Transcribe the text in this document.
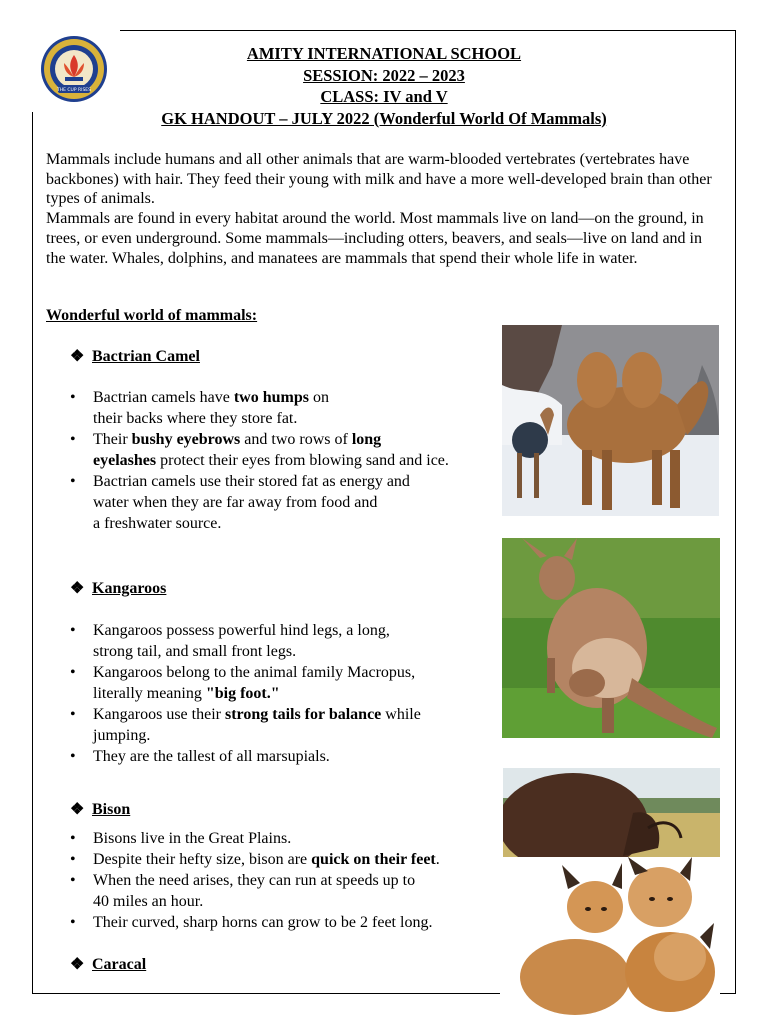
THE CUP RISES
AMITY INTERNATIONAL SCHOOL
SESSION: 2022 – 2023
CLASS: IV and V
GK HANDOUT – JULY 2022 (Wonderful World Of Mammals)

Mammals include humans and all other animals that are warm-blooded vertebrates (vertebrates have backbones) with hair. They feed their young with milk and have a more well-developed brain than other types of animals.

Mammals are found in every habitat around the world. Most mammals live on land—on the ground, in trees, or even underground. Some mammals—including otters, beavers, and seals—live on land and in the water. Whales, dolphins, and manatees are mammals that spend their whole life in water.

Wonderful world of mammals:
❖ Bactrian Camel
• Bactrian camels have two humps on
their backs where they store fat.
• Their bushy eyebrows and two rows of long
eyelashes protect their eyes from blowing sand and ice.
• Bactrian camels use their stored fat as energy and
water when they are far away from food and
a freshwater source.
❖ Kangaroos
• Kangaroos possess powerful hind legs, a long,
strong tail, and small front legs.
• Kangaroos belong to the animal family Macropus,
literally meaning "big foot."
• Kangaroos use their strong tails for balance while jumping.
• They are the tallest of all marsupials.
❖ Bison
• Bisons live in the Great Plains.
• Despite their hefty size, bison are quick on their feet.
• When the need arises, they can run at speeds up to
40 miles an hour.
• Their curved, sharp horns can grow to be 2 feet long.
❖ Caracal
